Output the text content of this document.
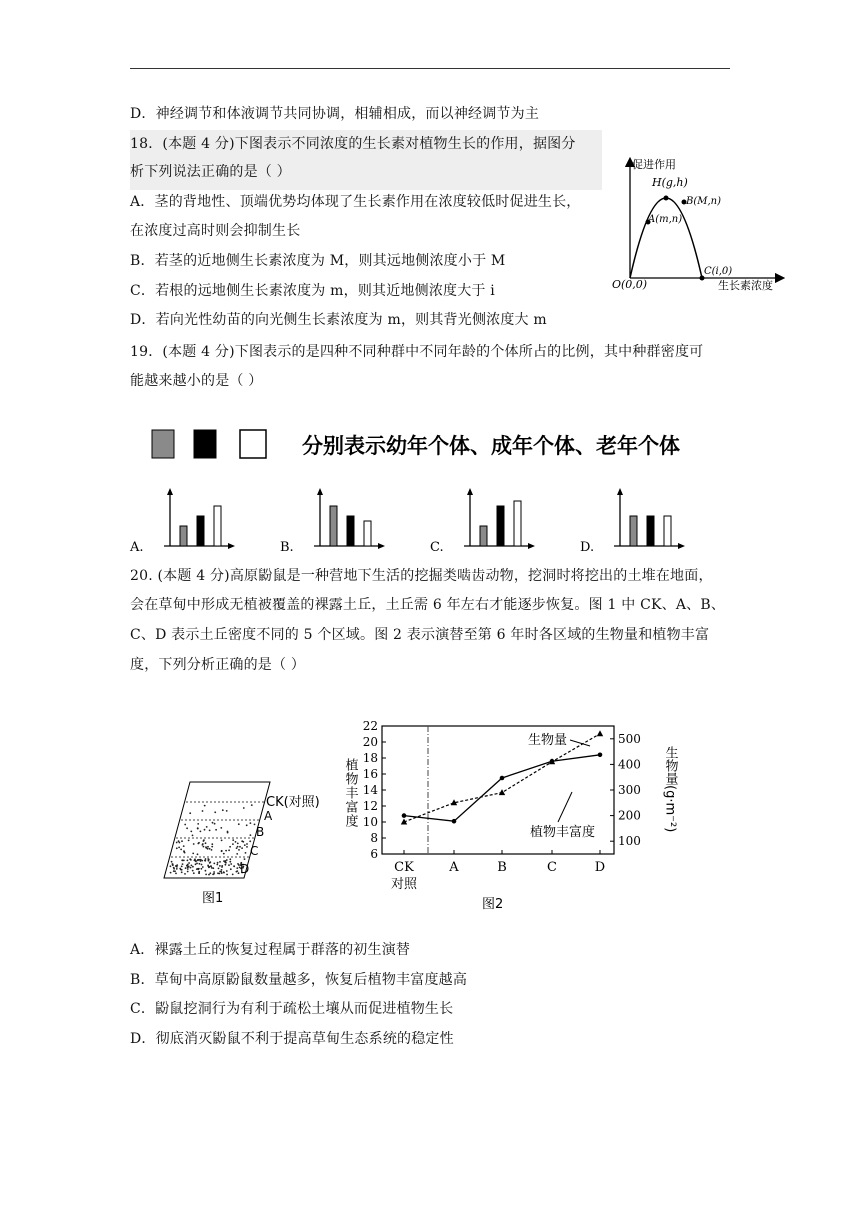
D．神经调节和体液调节共同协调，相辅相成，而以神经调节为主
18．(本题 4 分)下图表示不同浓度的生长素对植物生长的作用，据图分
析下列说法正确的是（ ）
A．茎的背地性、顶端优势均体现了生长素作用在浓度较低时促进生长，
在浓度过高时则会抑制生长
B．若茎的近地侧生长素浓度为 M，则其远地侧浓度小于 M
C．若根的远地侧生长素浓度为 m，则其近地侧浓度大于 i
D．若向光性幼苗的向光侧生长素浓度为 m，则其背光侧浓度大 m
促进作用
生长素浓度
O(0,0)
H(g,h)
B(M,n)
A(m,n)
C(i,0)
19．(本题 4 分)下图表示的是四种不同种群中不同年龄的个体所占的比例，其中种群密度可
能越来越小的是（ ）
分别表示幼年个体、成年个体、老年个体
A.	B.	C.	D.
20. (本题 4 分)高原鼢鼠是一种营地下生活的挖掘类啮齿动物，挖洞时将挖出的土堆在地面，
会在草甸中形成无植被覆盖的裸露土丘，土丘需 6 年左右才能逐步恢复。图 1 中 CK、A、B、
C、D 表示土丘密度不同的 5 个区域。图 2 表示演替至第 6 年时各区域的生物量和植物丰富
度，下列分析正确的是（ ）
CK(对照)
A
B
C
D
图1
6
8
10
12
14
16
18
20
22
100
200
300
400
500
CK	A	B	C	D
对照
植物丰富度	生物量(g·m⁻²)
生物量
植物丰富度
图2
A．裸露土丘的恢复过程属于群落的初生演替
B．草甸中高原鼢鼠数量越多，恢复后植物丰富度越高
C．鼢鼠挖洞行为有利于疏松土壤从而促进植物生长
D．彻底消灭鼢鼠不利于提高草甸生态系统的稳定性
